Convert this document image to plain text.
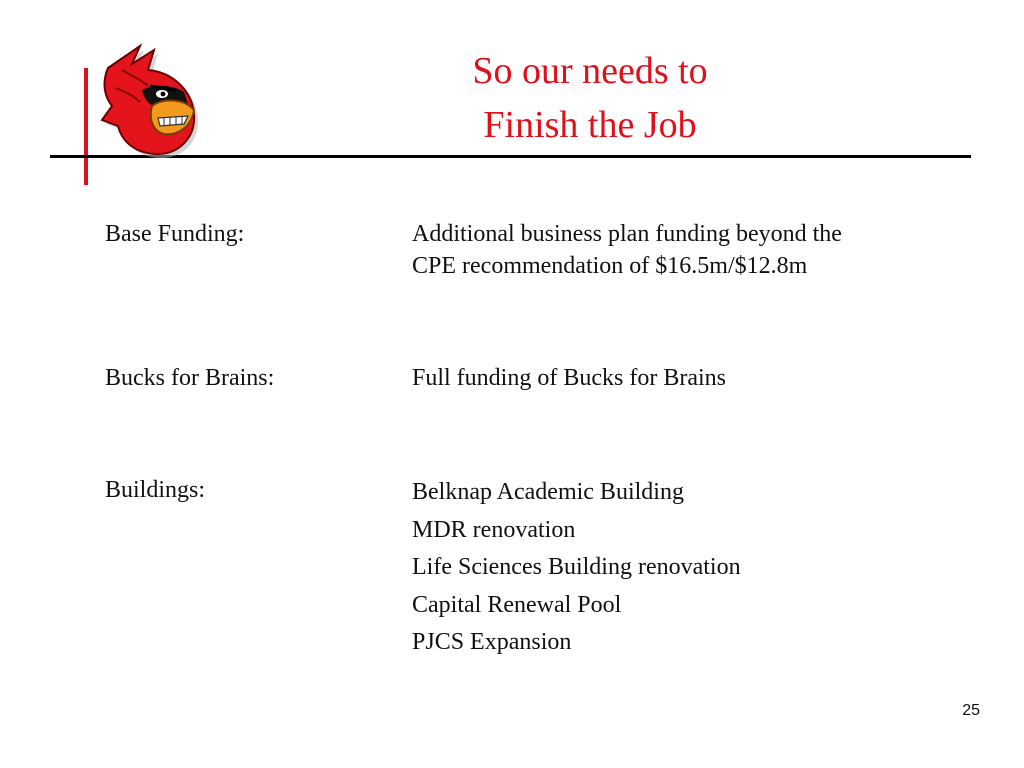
So our needs to
Finish the Job
Base Funding:	Additional business plan funding beyond the
CPE recommendation of $16.5m/$12.8m
Bucks for Brains:	Full funding of Bucks for Brains
Buildings:	Belknap Academic Building
MDR renovation
Life Sciences Building renovation
Capital Renewal Pool
PJCS Expansion
25
